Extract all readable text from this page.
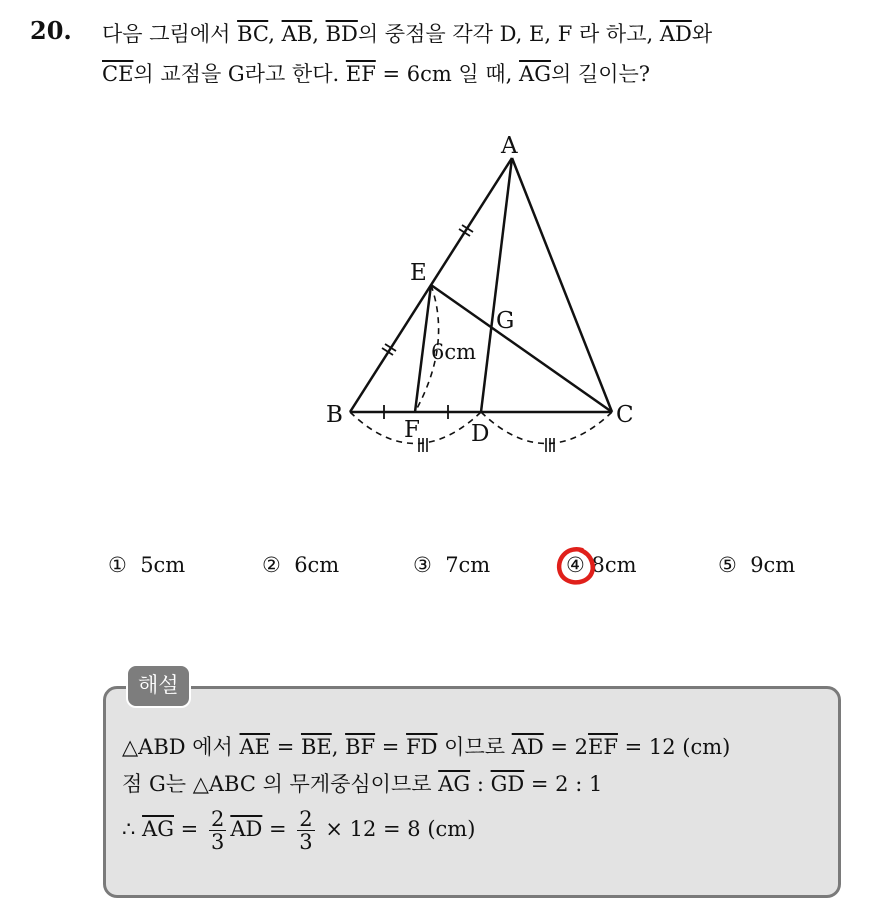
20. 다음 그림에서 $\overline{BC}$, $\overline{AB}$, $\overline{BD}$의 중점을 각각 D, E, F 라 하고, $\overline{AD}$와
$\overline{CE}$의 교점을 G라고 한다. $\overline{EF} = 6cm$ 일 때, $\overline{AG}$의 길이는?
A
B	C
D
E
F
G
6cm
① 5cm	② 6cm	③ 7cm	④ 8cm	⑤ 9cm
해설
△ABD 에서 $\overline{AE} = \overline{BE}$, $\overline{BF} = \overline{FD}$ 이므로 $\overline{AD} = 2\overline{EF} = 12$ (cm)
점 G는 △ABC 의 무게중심이므로 $\overline{AG}$ : $\overline{GD} = 2$ : 1
∴ $\overline{AG} = \frac{2}{3} \overline{AD} = \frac{2}{3} \times 12 = 8$ (cm)
